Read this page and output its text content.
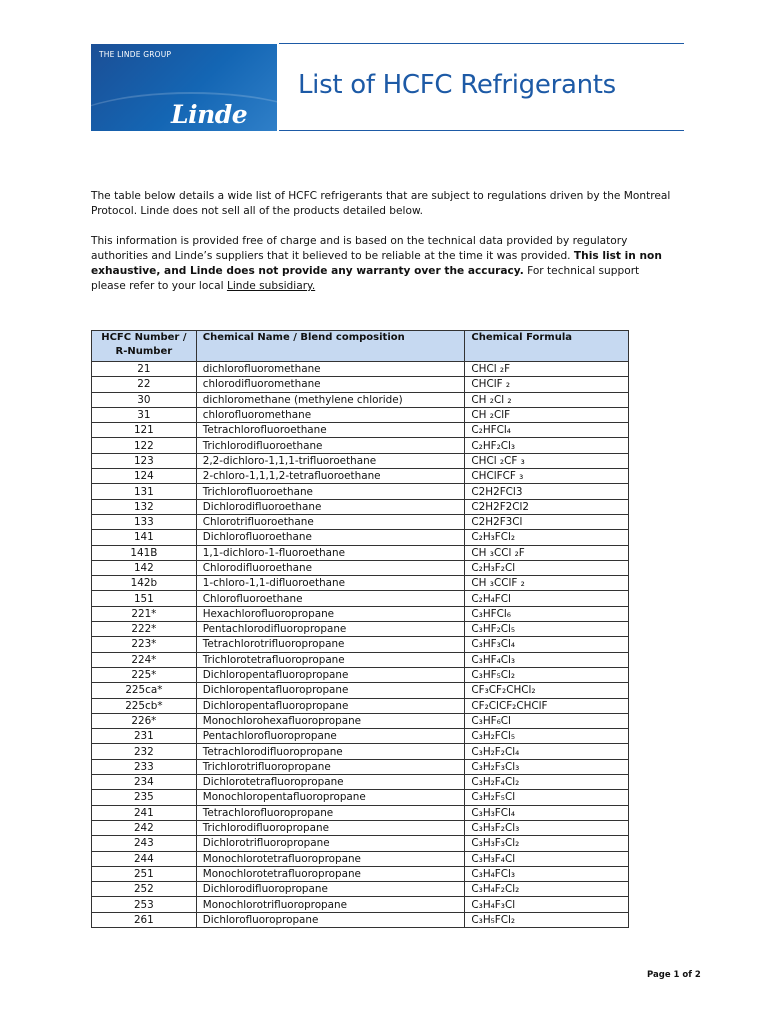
THE LINDE GROUP
Linde
List of HCFC Refrigerants

The table below details a wide list of HCFC refrigerants that are subject to regulations driven by the Montreal Protocol. Linde does not sell all of the products detailed below.

This information is provided free of charge and is based on the technical data provided by regulatory authorities and Linde’s suppliers that it believed to be reliable at the time it was provided. This list in non exhaustive, and Linde does not provide any warranty over the accuracy. For technical support please refer to your local Linde subsidiary.

HCFC Number / R-Number	Chemical Name / Blend composition	Chemical Formula
21	dichlorofluoromethane	CHCl ₂F
22	chlorodifluoromethane	CHClF ₂
30	dichloromethane (methylene chloride)	CH ₂Cl ₂
31	chlorofluoromethane	CH ₂ClF
121	Tetrachlorofluoroethane	C₂HFCl₄
122	Trichlorodifluoroethane	C₂HF₂Cl₃
123	2,2-dichloro-1,1,1-trifluoroethane	CHCl ₂CF ₃
124	2-chloro-1,1,1,2-tetrafluoroethane	CHClFCF ₃
131	Trichlorofluoroethane	C2H2FCl3
132	Dichlorodifluoroethane	C2H2F2Cl2
133	Chlorotrifluoroethane	C2H2F3Cl
141	Dichlorofluoroethane	C₂H₃FCl₂
141B	1,1-dichloro-1-fluoroethane	CH ₃CCl ₂F
142	Chlorodifluoroethane	C₂H₃F₂Cl
142b	1-chloro-1,1-difluoroethane	CH ₃CClF ₂
151	Chlorofluoroethane	C₂H₄FCl
221*	Hexachlorofluoropropane	C₃HFCl₆
222*	Pentachlorodifluoropropane	C₃HF₂Cl₅
223*	Tetrachlorotrifluoropropane	C₃HF₃Cl₄
224*	Trichlorotetrafluoropropane	C₃HF₄Cl₃
225*	Dichloropentafluoropropane	C₃HF₅Cl₂
225ca*	Dichloropentafluoropropane	CF₃CF₂CHCl₂
225cb*	Dichloropentafluoropropane	CF₂ClCF₂CHClF
226*	Monochlorohexafluoropropane	C₃HF₆Cl
231	Pentachlorofluoropropane	C₃H₂FCl₅
232	Tetrachlorodifluoropropane	C₃H₂F₂Cl₄
233	Trichlorotrifluoropropane	C₃H₂F₃Cl₃
234	Dichlorotetrafluoropropane	C₃H₂F₄Cl₂
235	Monochloropentafluoropropane	C₃H₂F₅Cl
241	Tetrachlorofluoropropane	C₃H₃FCl₄
242	Trichlorodifluoropropane	C₃H₃F₂Cl₃
243	Dichlorotrifluoropropane	C₃H₃F₃Cl₂
244	Monochlorotetrafluoropropane	C₃H₃F₄Cl
251	Monochlorotetrafluoropropane	C₃H₄FCl₃
252	Dichlorodifluoropropane	C₃H₄F₂Cl₂
253	Monochlorotrifluoropropane	C₃H₄F₃Cl
261	Dichlorofluoropropane	C₃H₅FCl₂
Page 1 of 2
